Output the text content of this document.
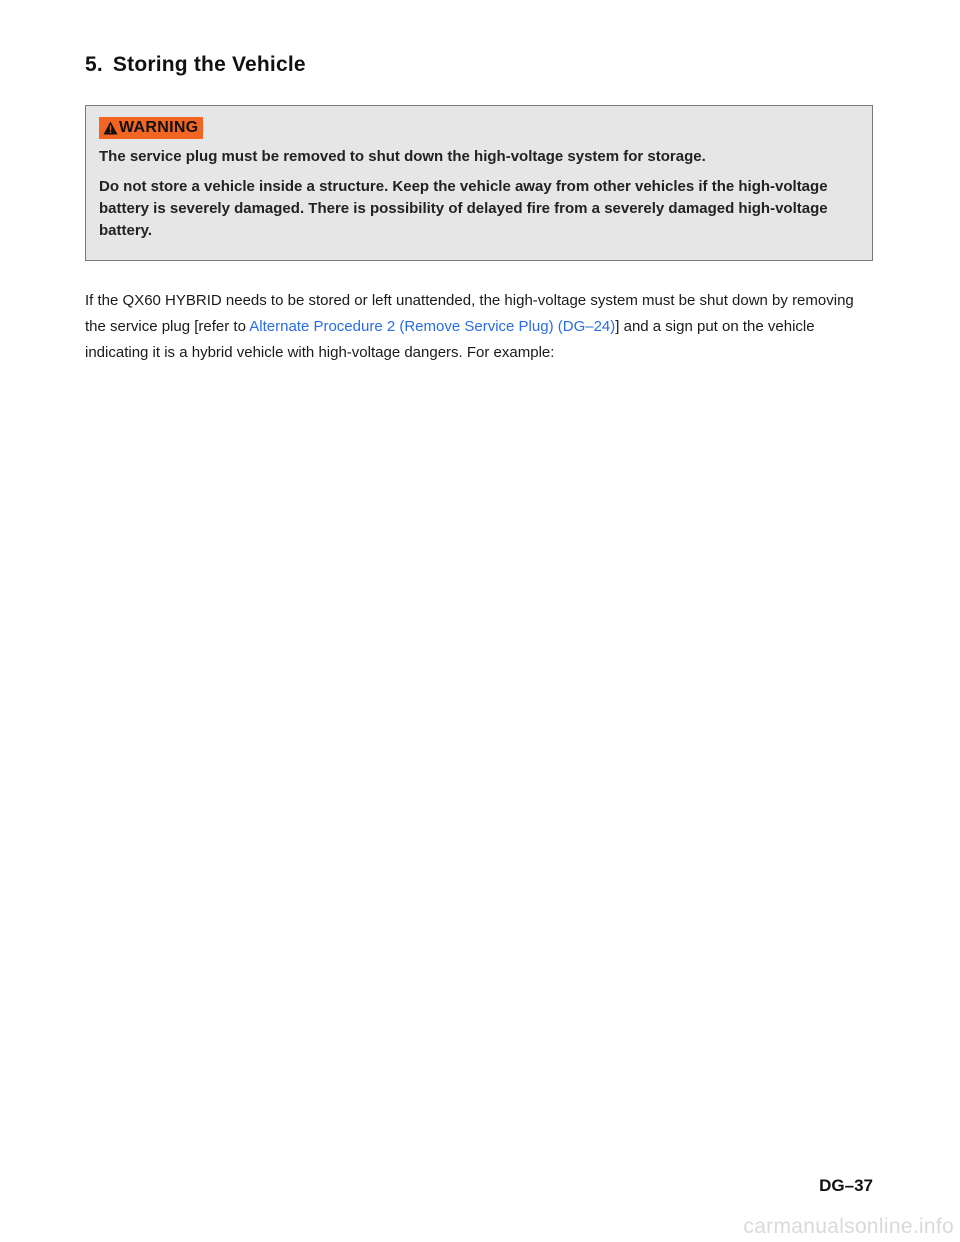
5. Storing the Vehicle
WARNING

The service plug must be removed to shut down the high-voltage system for storage.

Do not store a vehicle inside a structure. Keep the vehicle away from other vehicles if the high-voltage battery is severely damaged. There is possibility of delayed fire from a severely damaged high-voltage battery.

If the QX60 HYBRID needs to be stored or left unattended, the high-voltage system must be shut down by removing the service plug [refer to Alternate Procedure 2 (Remove Service Plug) (DG–24)] and a sign put on the vehicle indicating it is a hybrid vehicle with high-voltage dangers. For example:

DG–37
carmanualsonline.info
